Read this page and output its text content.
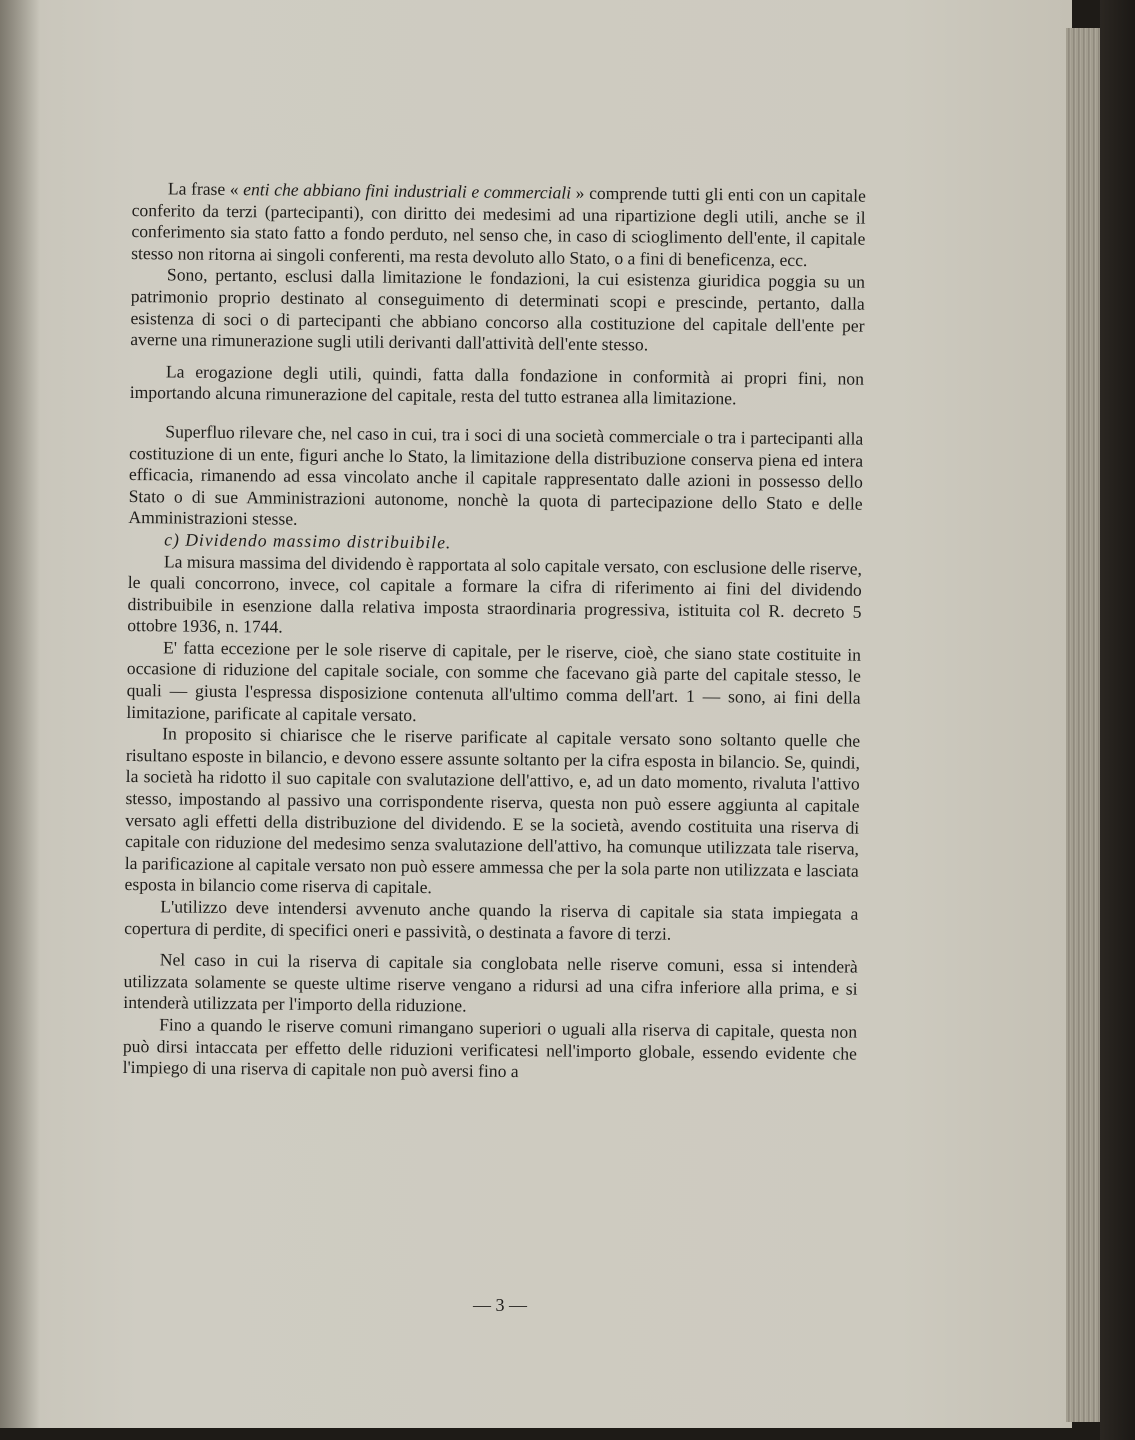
La frase « enti che abbiano fini industriali e commerciali » comprende tutti gli enti con un capitale conferito da terzi (partecipanti), con diritto dei medesimi ad una ripartizione degli utili, anche se il conferimento sia stato fatto a fondo perduto, nel senso che, in caso di scioglimento dell'ente, il capitale stesso non ritorna ai singoli conferenti, ma resta devoluto allo Stato, o a fini di beneficenza, ecc.

Sono, pertanto, esclusi dalla limitazione le fondazioni, la cui esistenza giuridica poggia su un patrimonio proprio destinato al conseguimento di determinati scopi e prescinde, pertanto, dalla esistenza di soci o di partecipanti che abbiano concorso alla costituzione del capitale dell'ente per averne una rimunerazione sugli utili derivanti dall'attività dell'ente stesso.

La erogazione degli utili, quindi, fatta dalla fondazione in conformità ai propri fini, non importando alcuna rimunerazione del capitale, resta del tutto estranea alla limitazione.

Superfluo rilevare che, nel caso in cui, tra i soci di una società commerciale o tra i partecipanti alla costituzione di un ente, figuri anche lo Stato, la limitazione della distribuzione conserva piena ed intera efficacia, rimanendo ad essa vincolato anche il capitale rappresentato dalle azioni in possesso dello Stato o di sue Amministrazioni autonome, nonchè la quota di partecipazione dello Stato e delle Amministrazioni stesse.

c) Dividendo massimo distribuibile.

La misura massima del dividendo è rapportata al solo capitale versato, con esclusione delle riserve, le quali concorrono, invece, col capitale a formare la cifra di riferimento ai fini del dividendo distribuibile in esenzione dalla relativa imposta straordinaria progressiva, istituita col R. decreto 5 ottobre 1936, n. 1744.

E' fatta eccezione per le sole riserve di capitale, per le riserve, cioè, che siano state costituite in occasione di riduzione del capitale sociale, con somme che facevano già parte del capitale stesso, le quali — giusta l'espressa disposizione contenuta all'ultimo comma dell'art. 1 — sono, ai fini della limitazione, parificate al capitale versato.

In proposito si chiarisce che le riserve parificate al capitale versato sono soltanto quelle che risultano esposte in bilancio, e devono essere assunte soltanto per la cifra esposta in bilancio. Se, quindi, la società ha ridotto il suo capitale con svalutazione dell'attivo, e, ad un dato momento, rivaluta l'attivo stesso, impostando al passivo una corrispondente riserva, questa non può essere aggiunta al capitale versato agli effetti della distribuzione del dividendo. E se la società, avendo costituita una riserva di capitale con riduzione del medesimo senza svalutazione dell'attivo, ha comunque utilizzata tale riserva, la parificazione al capitale versato non può essere ammessa che per la sola parte non utilizzata e lasciata esposta in bilancio come riserva di capitale.

L'utilizzo deve intendersi avvenuto anche quando la riserva di capitale sia stata impiegata a copertura di perdite, di specifici oneri e passività, o destinata a favore di terzi.

Nel caso in cui la riserva di capitale sia conglobata nelle riserve comuni, essa si intenderà utilizzata solamente se queste ultime riserve vengano a ridursi ad una cifra inferiore alla prima, e si intenderà utilizzata per l'importo della riduzione.

Fino a quando le riserve comuni rimangano superiori o uguali alla riserva di capitale, questa non può dirsi intaccata per effetto delle riduzioni verificatesi nell'importo globale, essendo evidente che l'impiego di una riserva di capitale non può aversi fino a

— 3 —
